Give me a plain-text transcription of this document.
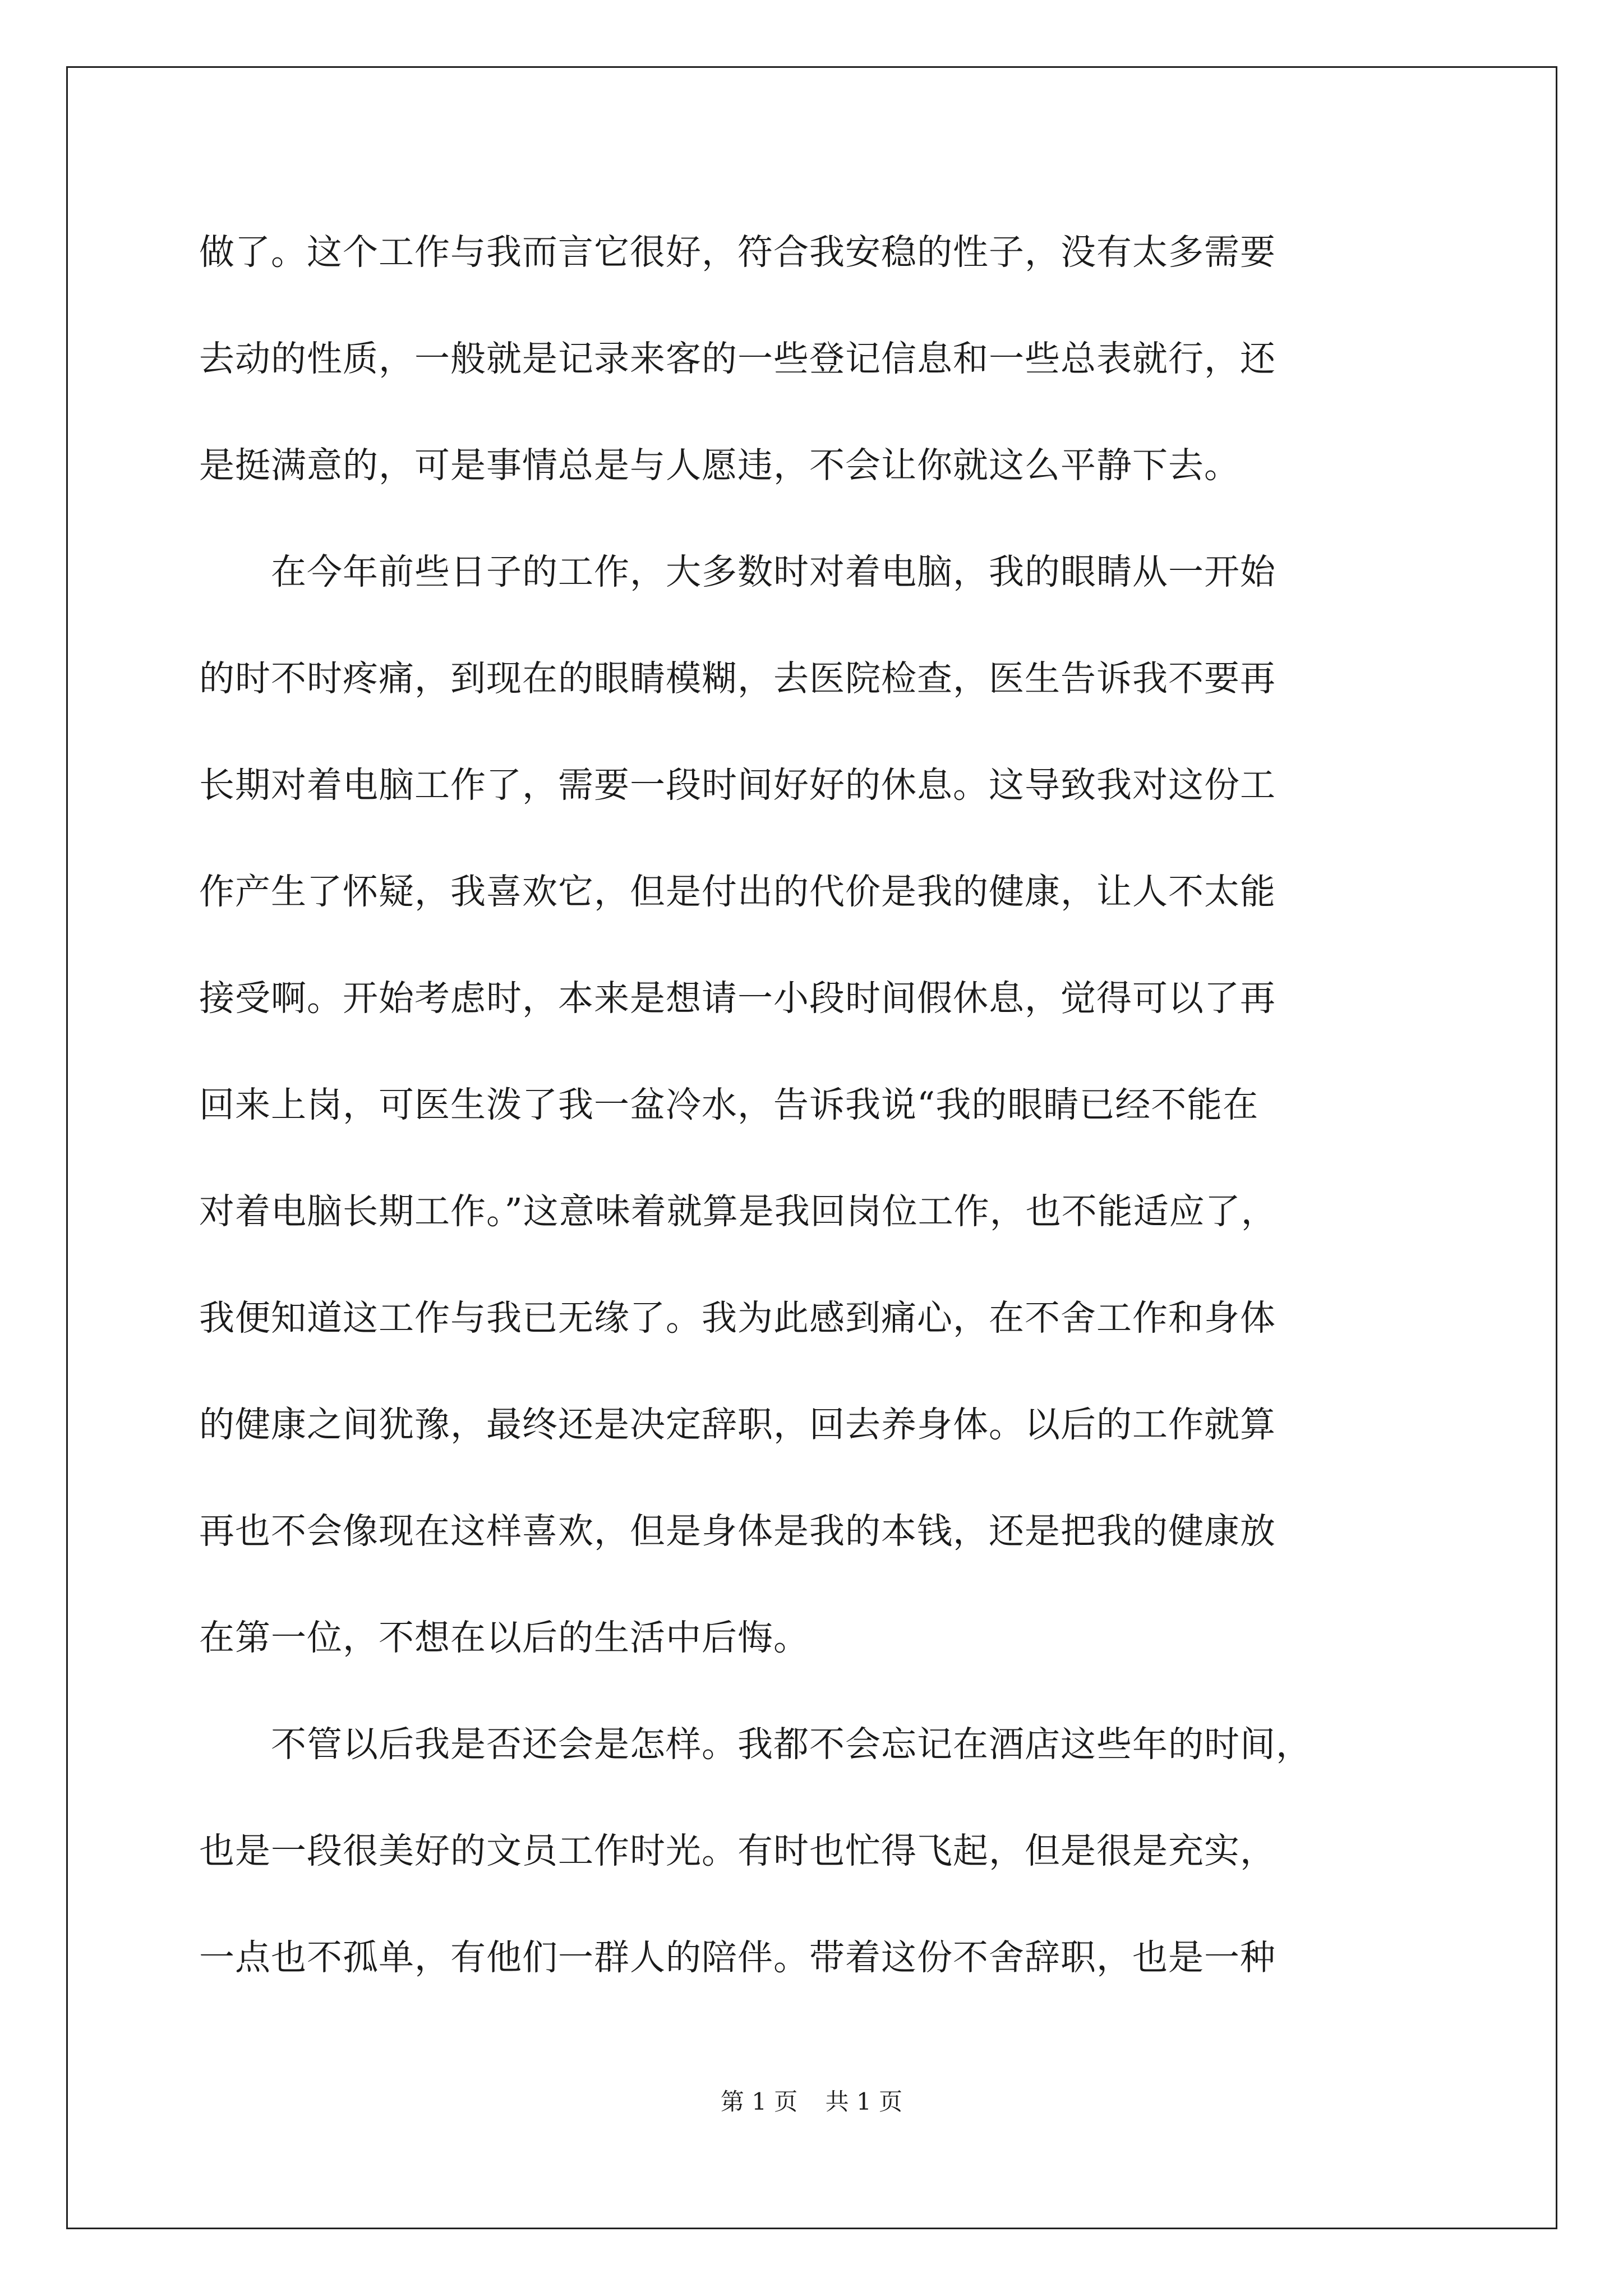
做了。这个工作与我而言它很好，符合我安稳的性子，没有太多需要
去动的性质，一般就是记录来客的一些登记信息和一些总表就行，还
是挺满意的，可是事情总是与人愿违，不会让你就这么平静下去。
　　在今年前些日子的工作，大多数时对着电脑，我的眼睛从一开始
的时不时疼痛，到现在的眼睛模糊，去医院检查，医生告诉我不要再
长期对着电脑工作了，需要一段时间好好的休息。这导致我对这份工
作产生了怀疑，我喜欢它，但是付出的代价是我的健康，让人不太能
接受啊。开始考虑时，本来是想请一小段时间假休息，觉得可以了再
回来上岗，可医生泼了我一盆冷水，告诉我说“我的眼睛已经不能在
对着电脑长期工作。”这意味着就算是我回岗位工作，也不能适应了，
我便知道这工作与我已无缘了。我为此感到痛心，在不舍工作和身体
的健康之间犹豫，最终还是决定辞职，回去养身体。以后的工作就算
再也不会像现在这样喜欢，但是身体是我的本钱，还是把我的健康放
在第一位，不想在以后的生活中后悔。
　　不管以后我是否还会是怎样。我都不会忘记在酒店这些年的时间，
也是一段很美好的文员工作时光。有时也忙得飞起，但是很是充实，
一点也不孤单，有他们一群人的陪伴。带着这份不舍辞职，也是一种
第 1 页 共 1 页
